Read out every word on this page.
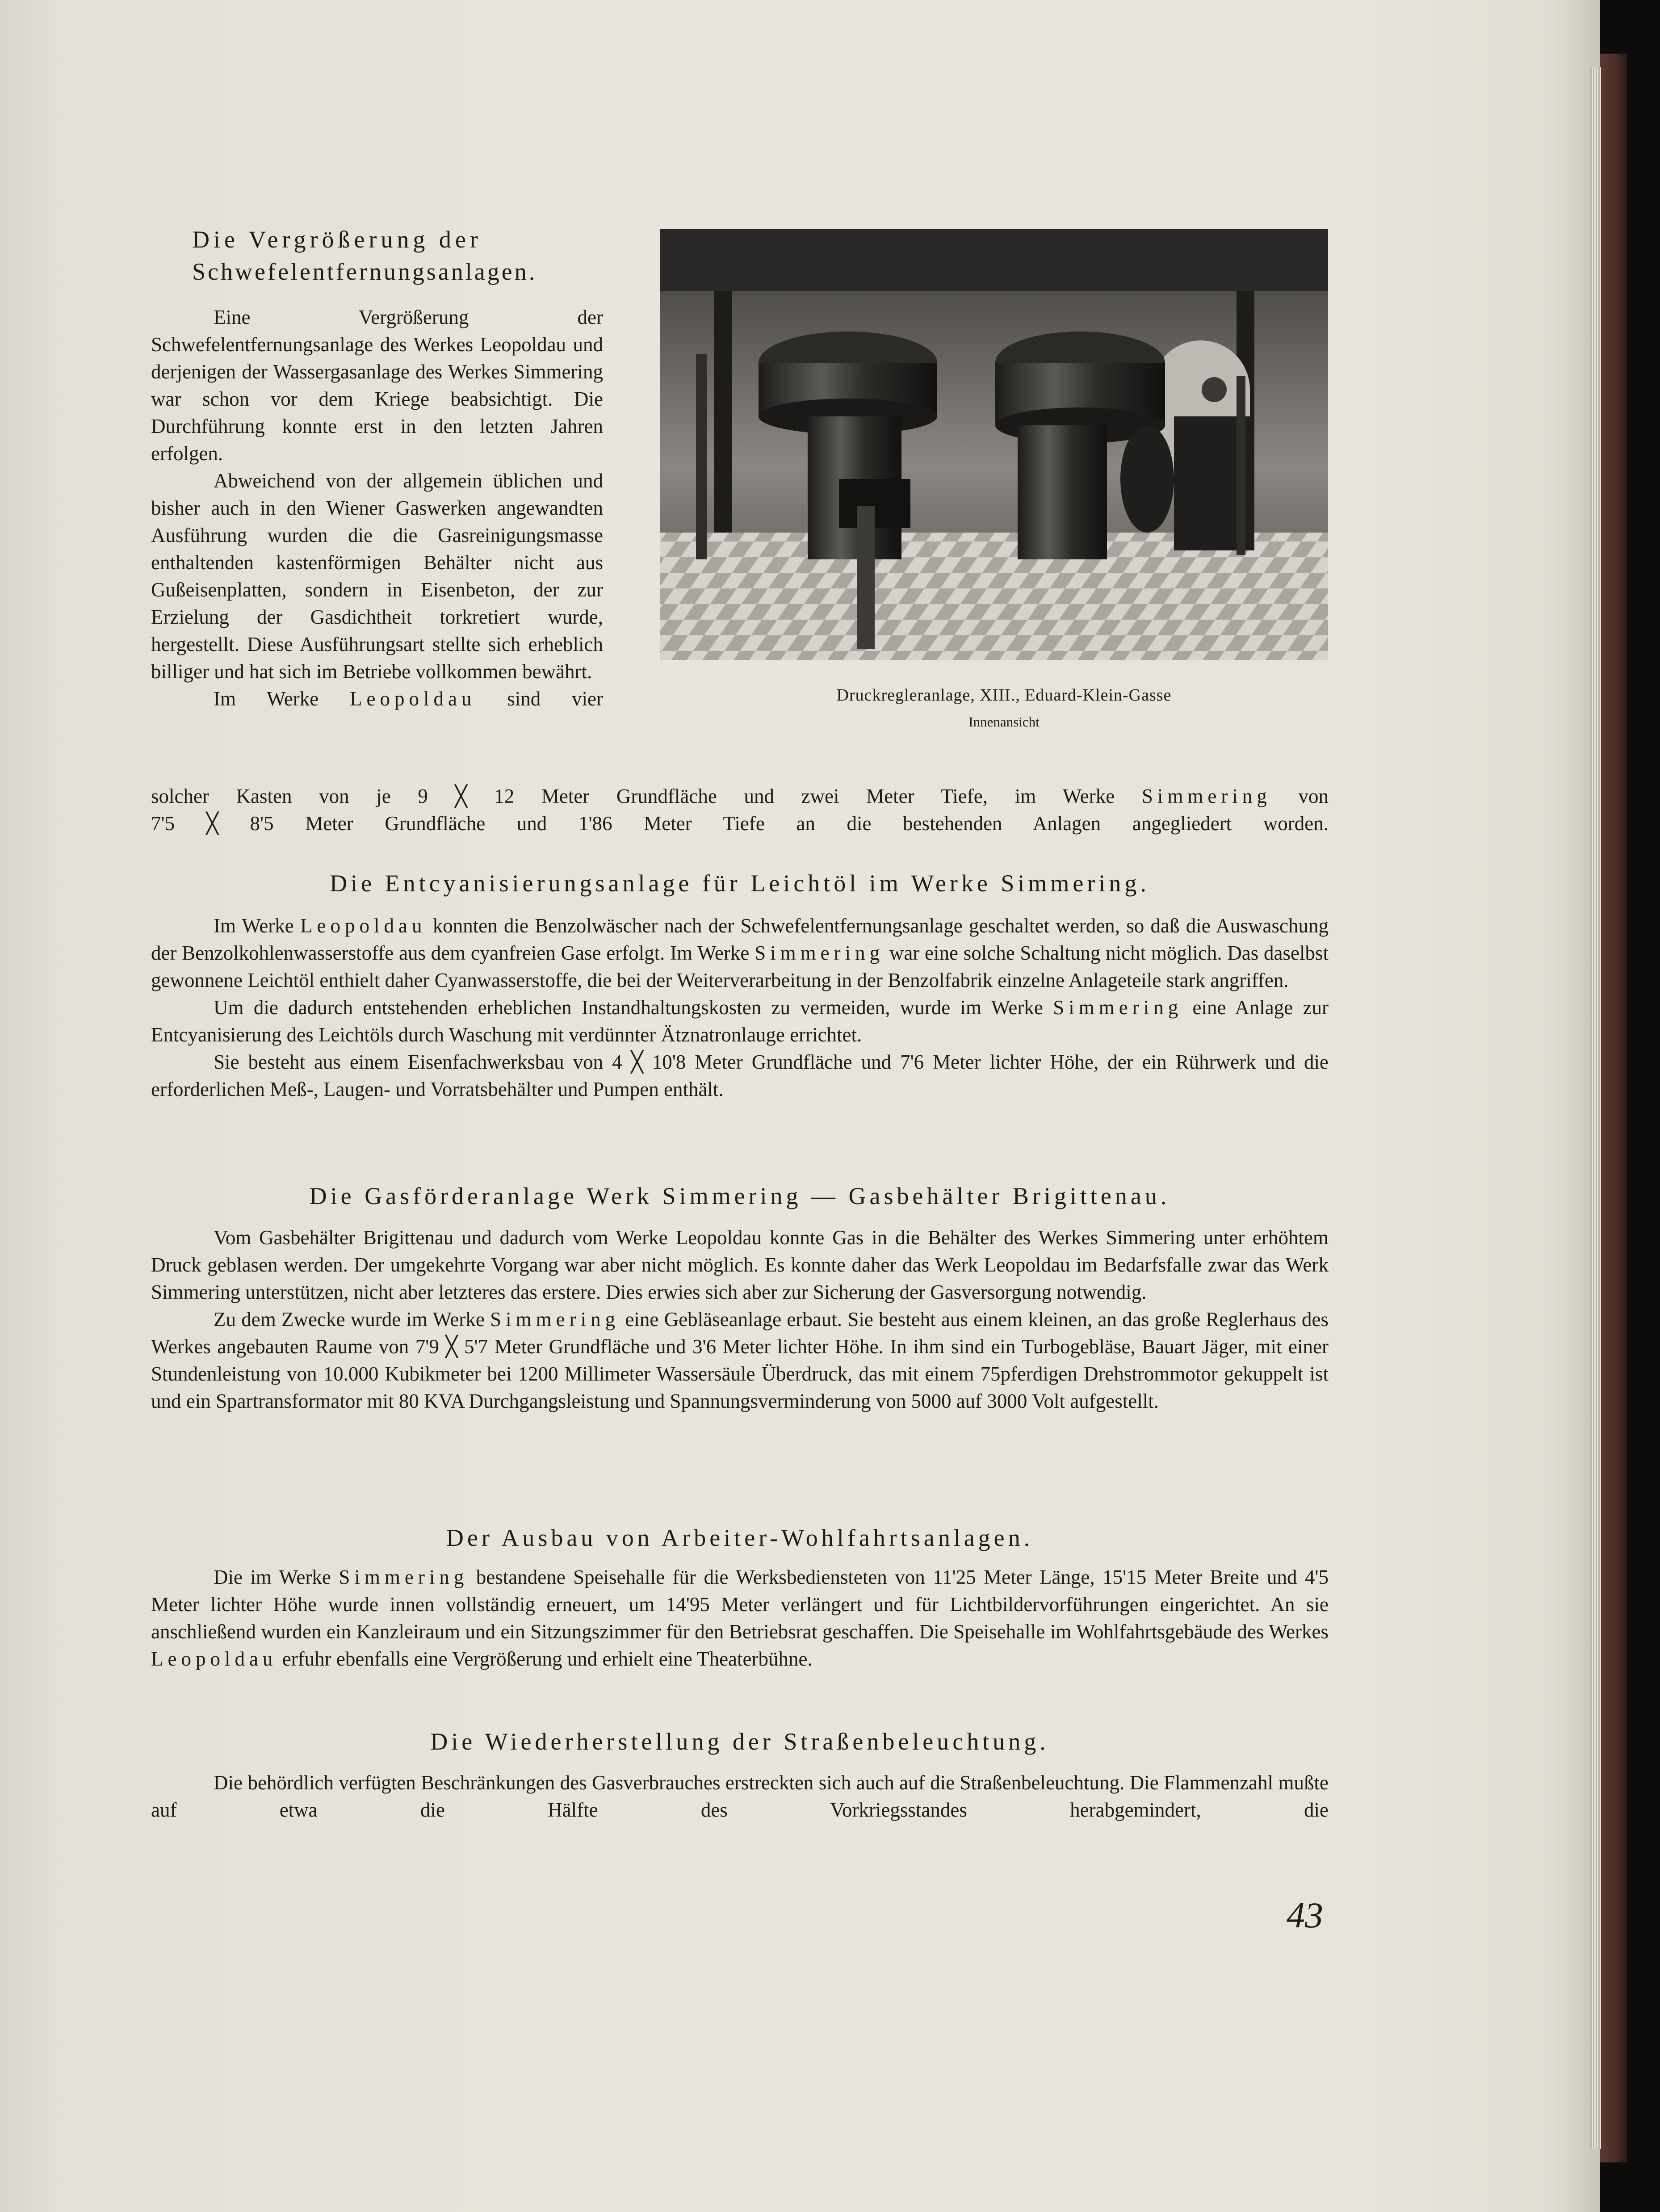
Die Vergrößerung der
Schwefelentfernungsanlagen.

Eine Vergrößerung der Schwefelentfernungsanlage des Werkes Leopoldau und derjenigen der Wassergasanlage des Werkes Simmering war schon vor dem Kriege beabsichtigt. Die Durchführung konnte erst in den letzten Jahren erfolgen.

Abweichend von der allgemein üblichen und bisher auch in den Wiener Gaswerken angewandten Ausführung wurden die die Gasreinigungsmasse enthaltenden kastenförmigen Behälter nicht aus Gußeisenplatten, sondern in Eisenbeton, der zur Erzielung der Gasdichtheit torkretiert wurde, hergestellt. Diese Ausführungsart stellte sich erheblich billiger und hat sich im Betriebe vollkommen bewährt.

Im Werke Leopoldau sind vier	Druckregleranlage, XIII., Eduard-Klein-Gasse
Innenansicht
solcher Kasten von je 9 ╳ 12 Meter Grundfläche und zwei Meter Tiefe, im Werke Simmering von
7'5 ╳ 8'5 Meter Grundfläche und 1'86 Meter Tiefe an die bestehenden Anlagen angegliedert worden.
Die Entcyanisierungsanlage für Leichtöl im Werke Simmering.

Im Werke Leopoldau konnten die Benzolwäscher nach der Schwefelentfernungsanlage geschaltet werden, so daß die Auswaschung der Benzolkohlenwasserstoffe aus dem cyanfreien Gase erfolgt. Im Werke Simmering war eine solche Schaltung nicht möglich. Das daselbst gewonnene Leichtöl enthielt daher Cyanwasserstoffe, die bei der Weiterverarbeitung in der Benzolfabrik einzelne Anlageteile stark angriffen.

Um die dadurch entstehenden erheblichen Instandhaltungskosten zu vermeiden, wurde im Werke Simmering eine Anlage zur Entcyanisierung des Leichtöls durch Waschung mit verdünnter Ätznatronlauge errichtet.

Sie besteht aus einem Eisenfachwerksbau von 4 ╳ 10'8 Meter Grundfläche und 7'6 Meter lichter Höhe, der ein Rührwerk und die erforderlichen Meß-, Laugen- und Vorratsbehälter und Pumpen enthält.

Die Gasförderanlage Werk Simmering — Gasbehälter Brigittenau.

Vom Gasbehälter Brigittenau und dadurch vom Werke Leopoldau konnte Gas in die Behälter des Werkes Simmering unter erhöhtem Druck geblasen werden. Der umgekehrte Vorgang war aber nicht möglich. Es konnte daher das Werk Leopoldau im Bedarfsfalle zwar das Werk Simmering unterstützen, nicht aber letzteres das erstere. Dies erwies sich aber zur Sicherung der Gasversorgung notwendig.

Zu dem Zwecke wurde im Werke Simmering eine Gebläseanlage erbaut. Sie besteht aus einem kleinen, an das große Reglerhaus des Werkes angebauten Raume von 7'9 ╳ 5'7 Meter Grundfläche und 3'6 Meter lichter Höhe. In ihm sind ein Turbogebläse, Bauart Jäger, mit einer Stundenleistung von 10.000 Kubikmeter bei 1200 Millimeter Wassersäule Überdruck, das mit einem 75pferdigen Drehstrommotor gekuppelt ist und ein Spartransformator mit 80 KVA Durchgangsleistung und Spannungsverminderung von 5000 auf 3000 Volt aufgestellt.

Der Ausbau von Arbeiter-Wohlfahrtsanlagen.

Die im Werke Simmering bestandene Speisehalle für die Werksbediensteten von 11'25 Meter Länge, 15'15 Meter Breite und 4'5 Meter lichter Höhe wurde innen vollständig erneuert, um 14'95 Meter verlängert und für Lichtbildervorführungen eingerichtet. An sie anschließend wurden ein Kanzleiraum und ein Sitzungszimmer für den Betriebsrat geschaffen. Die Speisehalle im Wohlfahrtsgebäude des Werkes Leopoldau erfuhr ebenfalls eine Vergrößerung und erhielt eine Theaterbühne.

Die Wiederherstellung der Straßenbeleuchtung.

Die behördlich verfügten Beschränkungen des Gasverbrauches erstreckten sich auch auf die Straßenbeleuchtung. Die Flammenzahl mußte auf etwa die Hälfte des Vorkriegsstandes herabgemindert, die

43
